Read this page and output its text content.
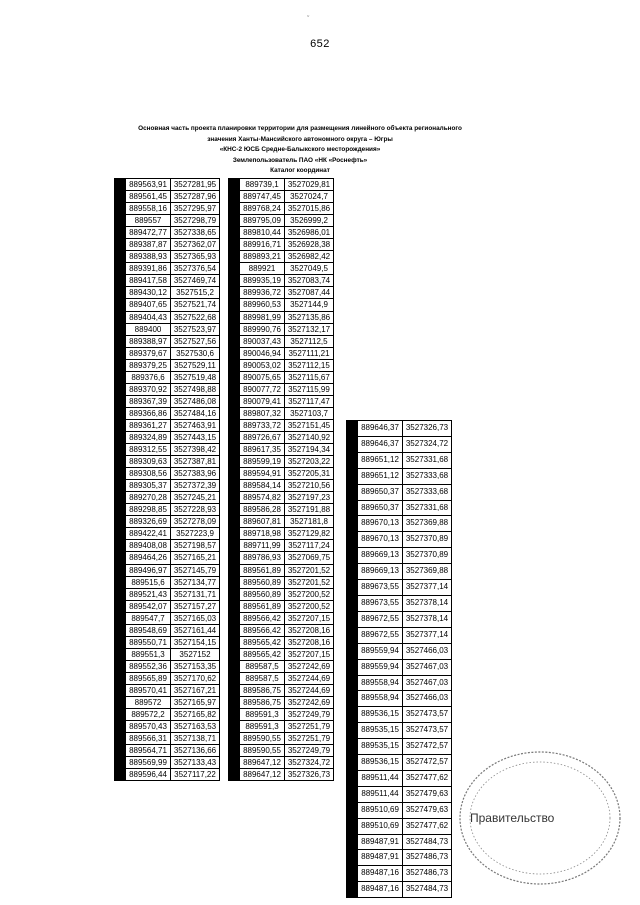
ˇ
652
Основная часть проекта планировки территории для размещения линейного объекта регионального
значения Ханты-Мансийского автономного округа – Югры
«КНС-2 ЮСБ Средне-Балыкского месторождения»
Землепользователь ПАО «НК «Роснефть»
Каталог координат
	889563,91	3527281,95
	889561,45	3527287,96
	889558,16	3527295,97
	889557	3527298,79
	889472,77	3527338,65
	889387,87	3527362,07
	889388,93	3527365,93
	889391,86	3527376,54
	889417,58	3527469,74
	889430,12	3527515,2
	889407,65	3527521,74
	889404,43	3527522,68
	889400	3527523,97
	889388,97	3527527,56
	889379,67	3527530,6
	889379,25	3527529,11
	889376,6	3527519,48
	889370,92	3527498,88
	889367,39	3527486,08
	889366,86	3527484,16
	889361,27	3527463,91
	889324,89	3527443,15
	889312,55	3527398,42
	889309,63	3527387,81
	889308,56	3527383,96
	889305,37	3527372,39
	889270,28	3527245,21
	889298,85	3527228,93
	889326,69	3527278,09
	889422,41	3527223,9
	889408,08	3527198,57
	889464,26	3527165,21
	889496,97	3527145,79
	889515,6	3527134,77
	889521,43	3527131,71
	889542,07	3527157,27
	889547,7	3527165,03
	889548,69	3527161,44
	889550,71	3527154,15
	889551,3	3527152
	889552,36	3527153,35
	889565,89	3527170,62
	889570,41	3527167,21
	889572	3527165,97
	889572,2	3527165,82
	889570,43	3527163,53
	889566,31	3527138,71
	889564,71	3527136,66
	889569,99	3527133,43
	889596,44	3527117,22
	889739,1	3527029,81
	889747,45	3527024,7
	889768,24	3527015,86
	889795,09	3526999,2
	889810,44	3526986,01
	889916,71	3526928,38
	889893,21	3526982,42
	889921	3527049,5
	889935,19	3527083,74
	889936,72	3527087,44
	889960,53	3527144,9
	889981,99	3527135,86
	889990,76	3527132,17
	890037,43	3527112,5
	890046,94	3527111,21
	890053,02	3527112,15
	890075,65	3527115,67
	890077,72	3527115,99
	890079,41	3527117,47
	889807,32	3527103,7
	889733,72	3527151,45
	889726,67	3527140,92
	889617,35	3527194,34
	889599,19	3527203,22
	889594,91	3527205,31
	889584,14	3527210,56
	889574,82	3527197,23
	889586,28	3527191,88
	889607,81	3527181,8
	889718,98	3527129,82
	889711,99	3527117,24
	889786,93	3527069,75
	889561,89	3527201,52
	889560,89	3527201,52
	889560,89	3527200,52
	889561,89	3527200,52
	889566,42	3527207,15
	889566,42	3527208,16
	889565,42	3527208,16
	889565,42	3527207,15
	889587,5	3527242,69
	889587,5	3527244,69
	889586,75	3527244,69
	889586,75	3527242,69
	889591,3	3527249,79
	889591,3	3527251,79
	889590,55	3527251,79
	889590,55	3527249,79
	889647,12	3527324,72
	889647,12	3527326,73
	889646,37	3527326,73
	889646,37	3527324,72
	889651,12	3527331,68
	889651,12	3527333,68
	889650,37	3527333,68
	889650,37	3527331,68
	889670,13	3527369,88
	889670,13	3527370,89
	889669,13	3527370,89
	889669,13	3527369,88
	889673,55	3527377,14
	889673,55	3527378,14
	889672,55	3527378,14
	889672,55	3527377,14
	889559,94	3527466,03
	889559,94	3527467,03
	889558,94	3527467,03
	889558,94	3527466,03
	889536,15	3527473,57
	889535,15	3527473,57
	889535,15	3527472,57
	889536,15	3527472,57
	889511,44	3527477,62
	889511,44	3527479,63
	889510,69	3527479,63
	889510,69	3527477,62
	889487,91	3527484,73
	889487,91	3527486,73
	889487,16	3527486,73
	889487,16	3527484,73
Правительство
